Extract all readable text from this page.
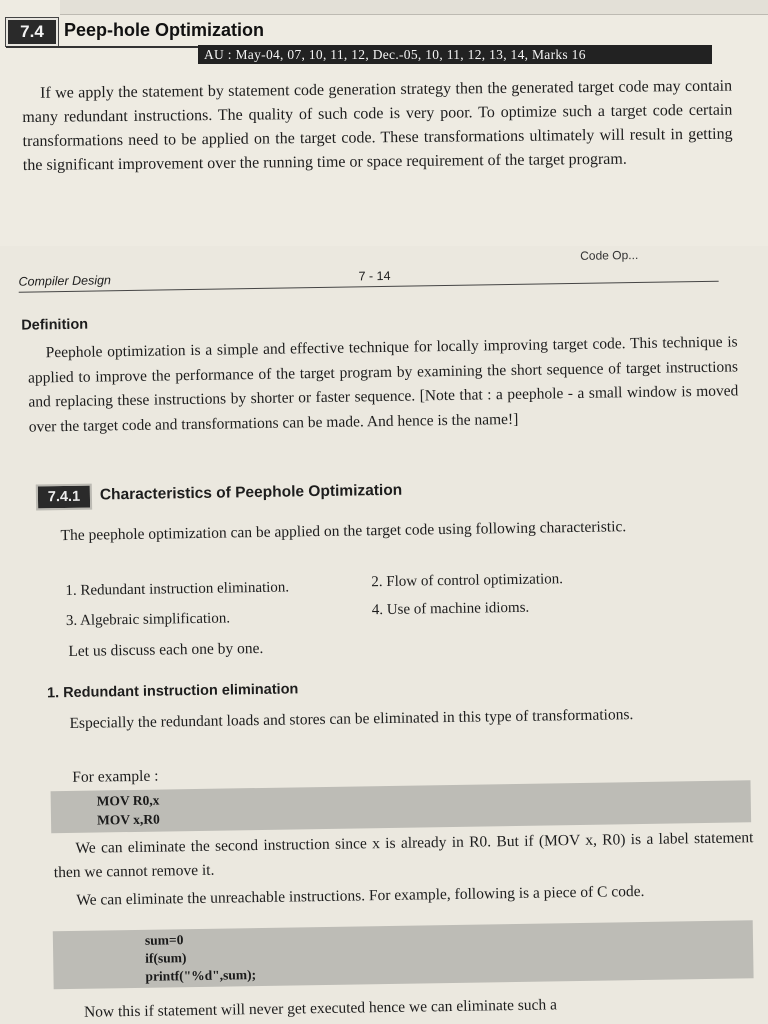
7.4	Peep-hole Optimization
AU : May-04, 07, 10, 11, 12, Dec.-05, 10, 11, 12, 13, 14, Marks 16
If we apply the statement by statement code generation strategy then the generated target code may contain many redundant instructions. The quality of such code is very poor. To optimize such a target code certain transformations need to be applied on the target code. These transformations ultimately will result in getting the significant improvement over the running time or space requirement of the target program.
Compiler Design	7 - 14
Code Op...
Definition
Peephole optimization is a simple and effective technique for locally improving target code. This technique is applied to improve the performance of the target program by examining the short sequence of target instructions and replacing these instructions by shorter or faster sequence. [Note that : a peephole - a small window is moved over the target code and transformations can be made. And hence is the name!]
7.4.1	Characteristics of Peephole Optimization
The peephole optimization can be applied on the target code using following characteristic.
1. Redundant instruction elimination.	2. Flow of control optimization.
3. Algebraic simplification.
4. Use of machine idioms.
Let us discuss each one by one.
1. Redundant instruction elimination
Especially the redundant loads and stores can be eliminated in this type of transformations.
For example :
MOV R0,x
MOV x,R0
We can eliminate the second instruction since x is already in R0. But if (MOV x, R0) is a label statement then we cannot remove it.
We can eliminate the unreachable instructions. For example, following is a piece of C code.
sum=0
if(sum)
printf("%d",sum);
Now this if statement will never get executed hence we can eliminate such a
